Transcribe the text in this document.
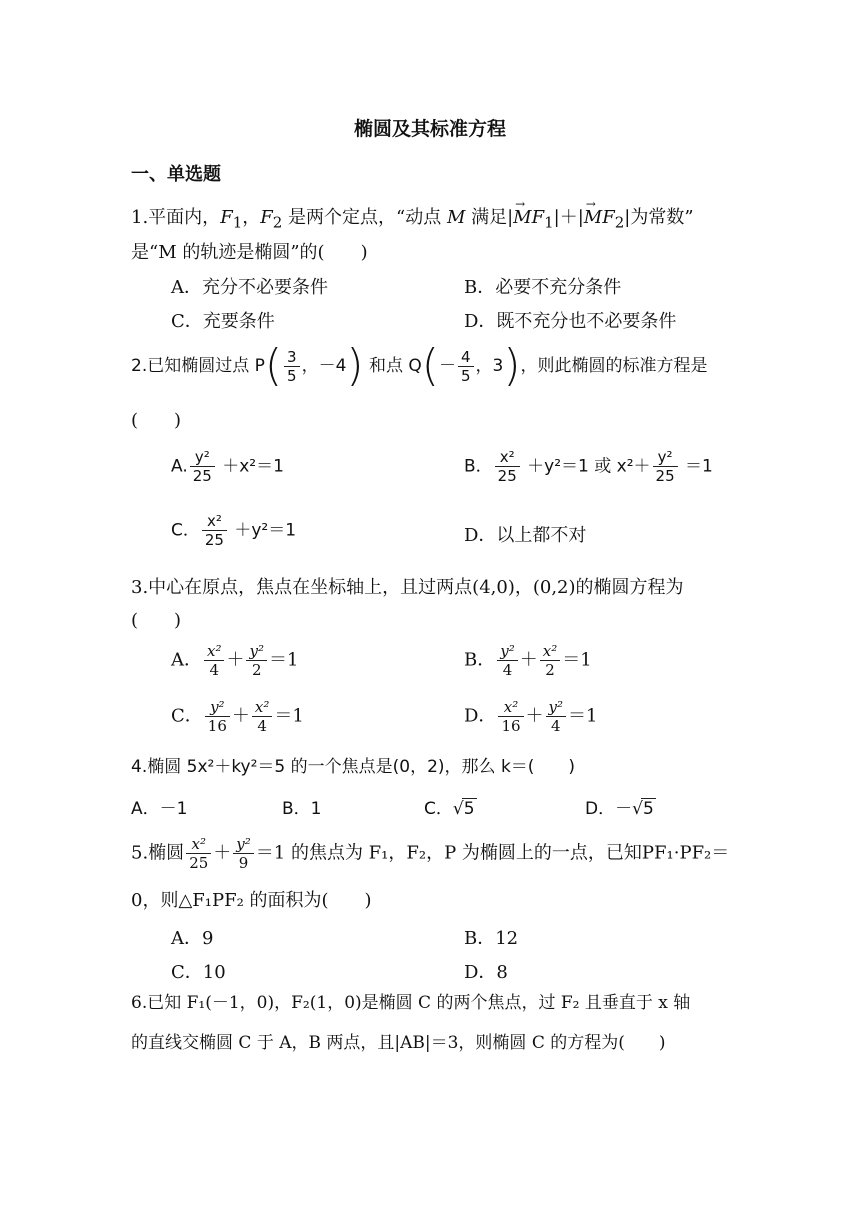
椭圆及其标准方程
一、单选题
1.平面内，$F_1$，$F_2$ 是两个定点，“动点 M 满足|→ $MF_1|+|\to MF_2|$为常数”
是“M 的轨迹是椭圆”的(　　)
A．充分不必要条件	B．必要不充分条件
C．充要条件	D．既不充分也不必要条件
2.已知椭圆过点 $P( \frac{3}{5}$ ，－4) 和点 $Q(- \frac{4}{5}$ ，3)，则此椭圆的标准方程是
(　　)
A. $\frac{\text{y²}}{25} +x^2=1$	B． $\frac{\text{x²}}{25} +y^2=1$ 或 $x^2+ \frac{\text{y²}}{25} =1$
C． $\frac{\text{x²}}{25} +y^2=1$	D．以上都不对
3.中心在原点，焦点在坐标轴上，且过两点(4,0)，(0,2)的椭圆方程为
(　　)
A． $\frac{\text{x²}}{4} + \frac{\text{y²}}{2} =1$	B． $\frac{\text{y²}}{4} + \frac{\text{x²}}{2} =1$
C． $\frac{\text{y²}}{16} + \frac{\text{x²}}{4} =1$	D． $\frac{\text{x²}}{16} + \frac{\text{y²}}{4} =1$
4.椭圆 5x²＋ky²＝5 的一个焦点是(0，2)，那么 k＝(　　)
A．－1	B．1	C．√5	D．－√5
5.椭圆 $\frac{\text{x²}}{25} + \frac{\text{y²}}{9} =1$ 的焦点为 F₁，F₂，P 为椭圆上的一点，已知PF₁·PF₂＝
0，则△F₁PF₂ 的面积为(　　)
A．9	B．12
C．10	D．8
6.已知 F₁(－1，0)，F₂(1，0)是椭圆 C 的两个焦点，过 F₂ 且垂直于 x 轴
的直线交椭圆 C 于 A，B 两点，且|AB|＝3，则椭圆 C 的方程为(　　)
